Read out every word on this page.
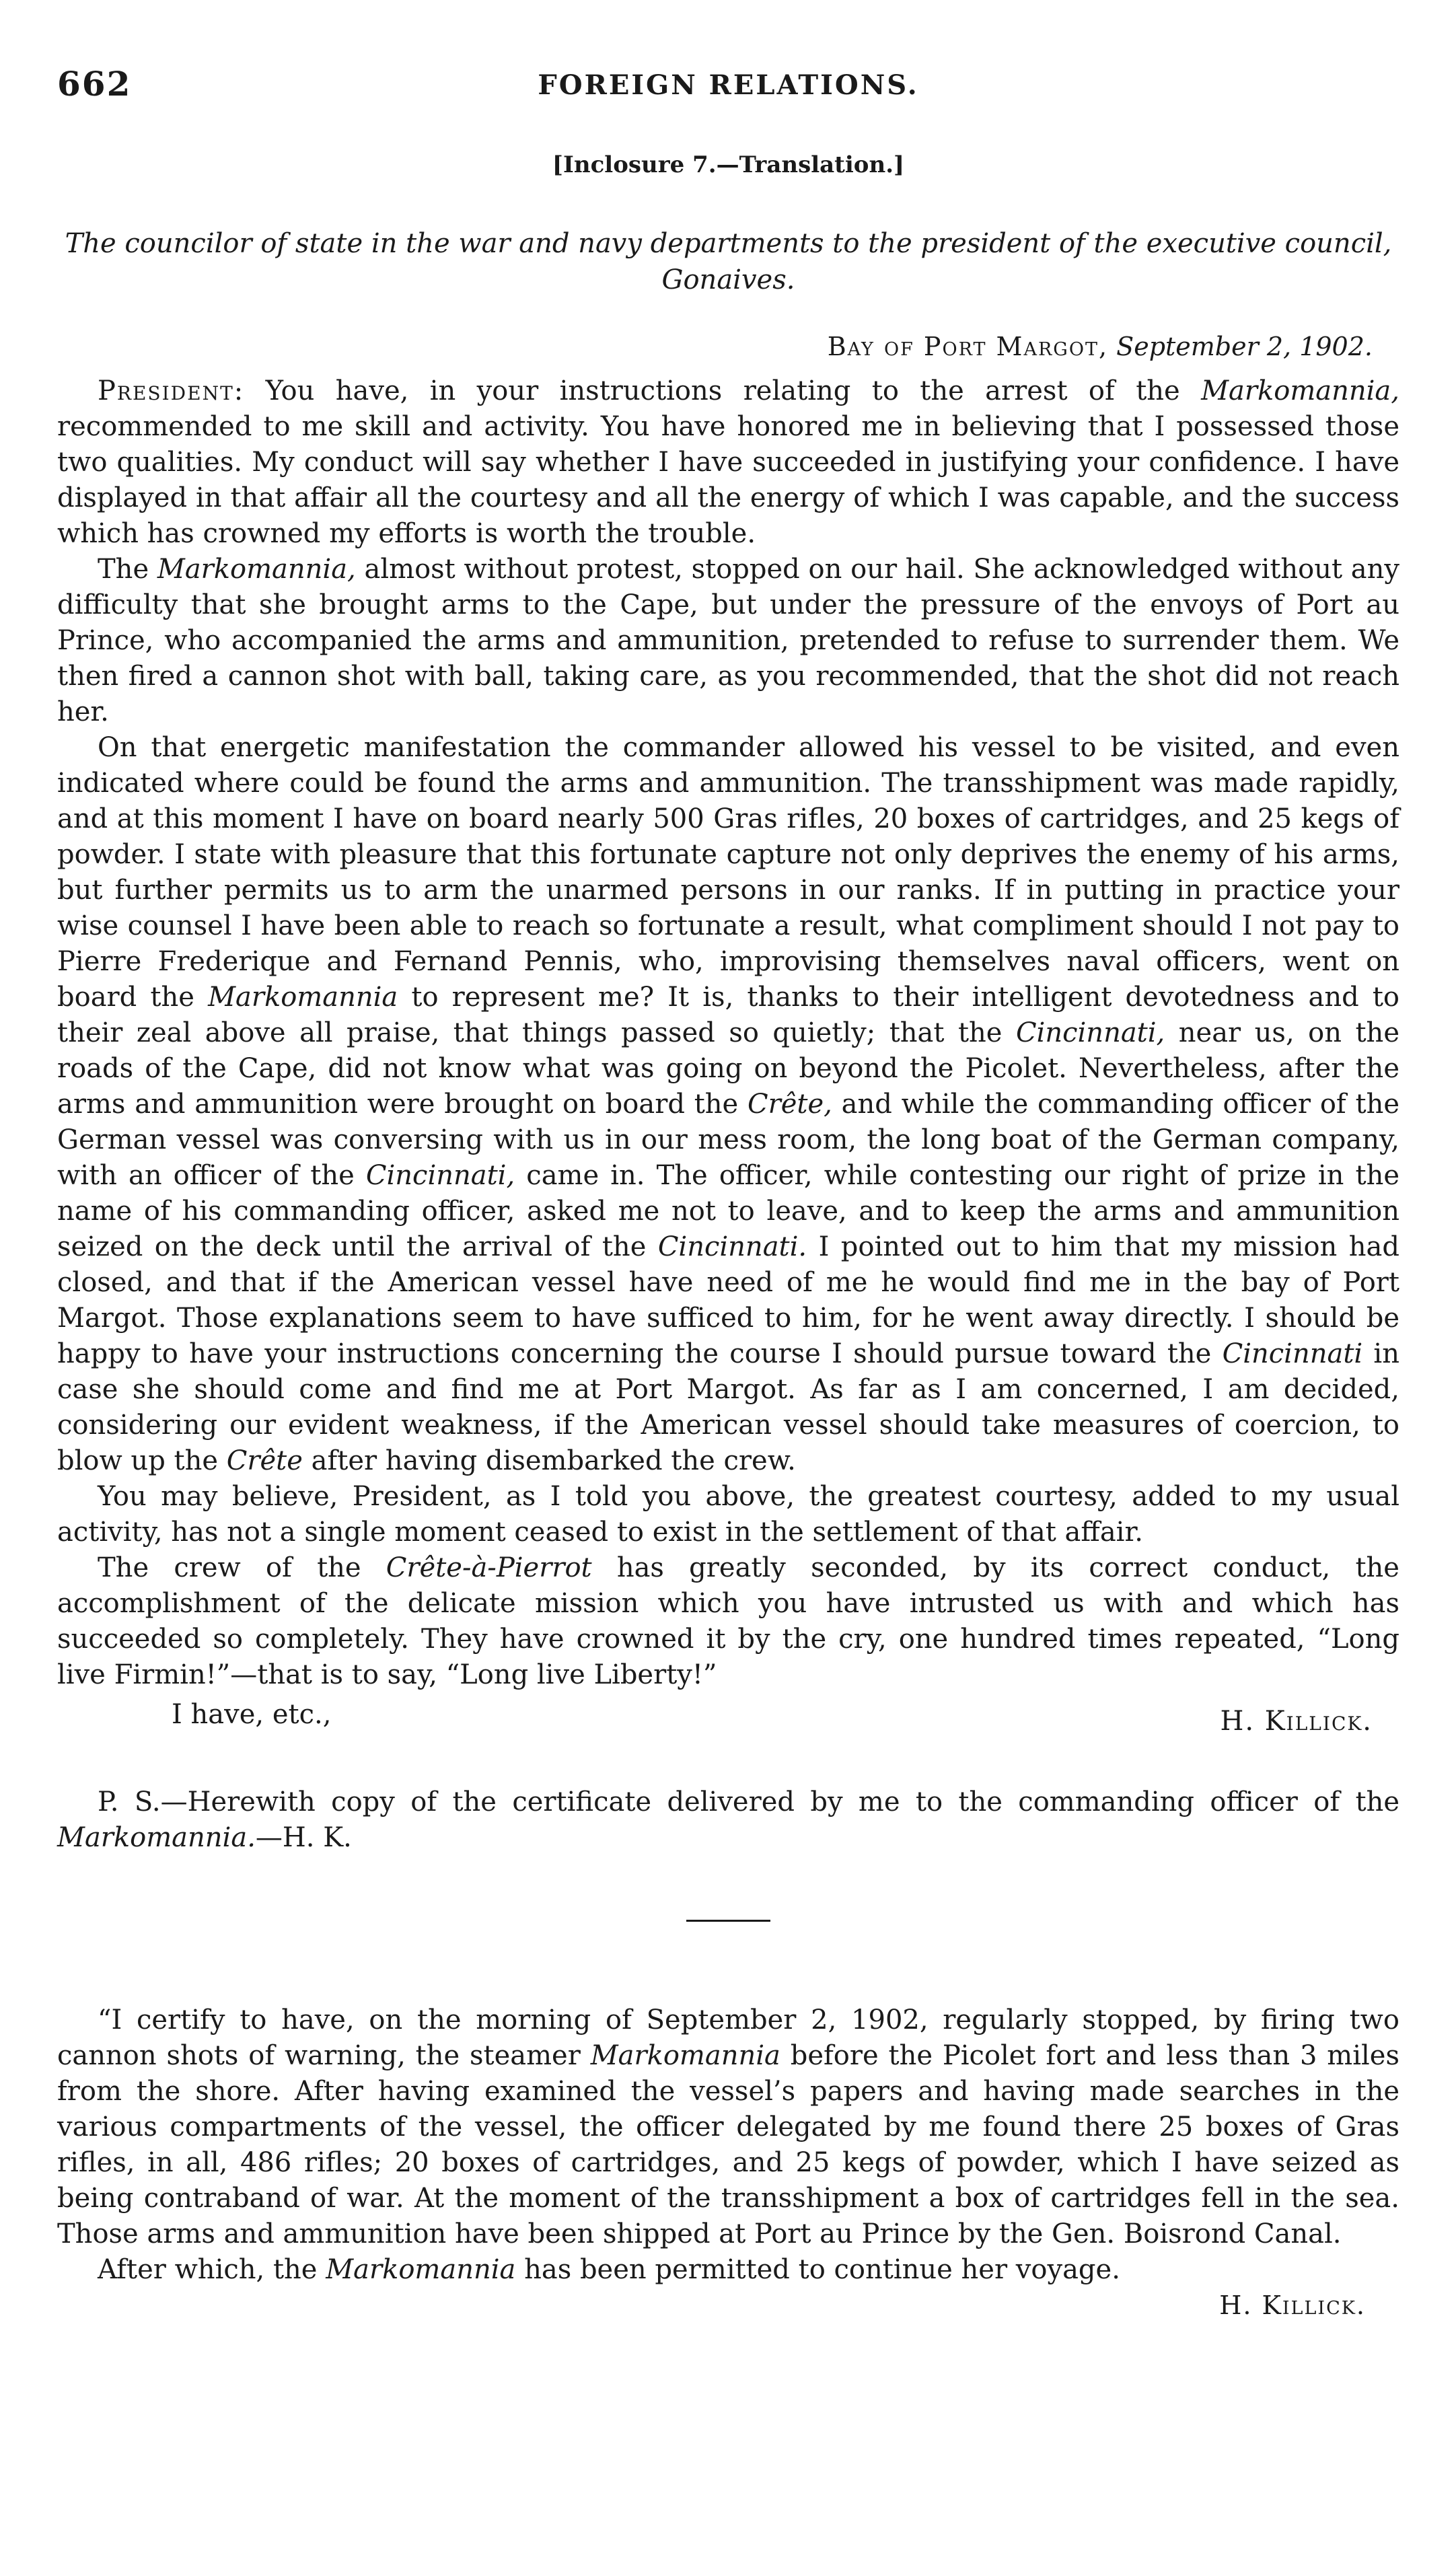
662	FOREIGN RELATIONS.
[Inclosure 7.—Translation.]
The councilor of state in the war and navy departments to the president of the executive council, Gonaives.
Bay of Port Margot, September 2, 1902.

President: You have, in your instructions relating to the arrest of the Markomannia, recommended to me skill and activity. You have honored me in believing that I possessed those two qualities. My conduct will say whether I have succeeded in justifying your confidence. I have displayed in that affair all the courtesy and all the energy of which I was capable, and the success which has crowned my efforts is worth the trouble.

The Markomannia, almost without protest, stopped on our hail. She acknowledged without any difficulty that she brought arms to the Cape, but under the pressure of the envoys of Port au Prince, who accompanied the arms and ammunition, pretended to refuse to surrender them. We then fired a cannon shot with ball, taking care, as you recommended, that the shot did not reach her.

On that energetic manifestation the commander allowed his vessel to be visited, and even indicated where could be found the arms and ammunition. The transshipment was made rapidly, and at this moment I have on board nearly 500 Gras rifles, 20 boxes of cartridges, and 25 kegs of powder. I state with pleasure that this fortunate capture not only deprives the enemy of his arms, but further permits us to arm the unarmed persons in our ranks. If in putting in practice your wise counsel I have been able to reach so fortunate a result, what compliment should I not pay to Pierre Frederique and Fernand Pennis, who, improvising themselves naval officers, went on board the Markomannia to represent me? It is, thanks to their intelligent devotedness and to their zeal above all praise, that things passed so quietly; that the Cincinnati, near us, on the roads of the Cape, did not know what was going on beyond the Picolet. Nevertheless, after the arms and ammunition were brought on board the Crête, and while the commanding officer of the German vessel was conversing with us in our mess room, the long boat of the German company, with an officer of the Cincinnati, came in. The officer, while contesting our right of prize in the name of his commanding officer, asked me not to leave, and to keep the arms and ammunition seized on the deck until the arrival of the Cincinnati. I pointed out to him that my mission had closed, and that if the American vessel have need of me he would find me in the bay of Port Margot. Those explanations seem to have sufficed to him, for he went away directly. I should be happy to have your instructions concerning the course I should pursue toward the Cincinnati in case she should come and find me at Port Margot. As far as I am concerned, I am decided, considering our evident weakness, if the American vessel should take measures of coercion, to blow up the Crête after having disembarked the crew.

You may believe, President, as I told you above, the greatest courtesy, added to my usual activity, has not a single moment ceased to exist in the settlement of that affair.

The crew of the Crête-à-Pierrot has greatly seconded, by its correct conduct, the accomplishment of the delicate mission which you have intrusted us with and which has succeeded so completely. They have crowned it by the cry, one hundred times repeated, “Long live Firmin!”—that is to say, “Long live Liberty!”

I have, etc.,	H. Killick.
P. S.—Herewith copy of the certificate delivered by me to the commanding officer of the Markomannia.—H. K.

“I certify to have, on the morning of September 2, 1902, regularly stopped, by firing two cannon shots of warning, the steamer Markomannia before the Picolet fort and less than 3 miles from the shore. After having examined the vessel’s papers and having made searches in the various compartments of the vessel, the officer delegated by me found there 25 boxes of Gras rifles, in all, 486 rifles; 20 boxes of cartridges, and 25 kegs of powder, which I have seized as being contraband of war. At the moment of the transshipment a box of cartridges fell in the sea. Those arms and ammunition have been shipped at Port au Prince by the Gen. Boisrond Canal.

After which, the Markomannia has been permitted to continue her voyage.

H. Killick.
